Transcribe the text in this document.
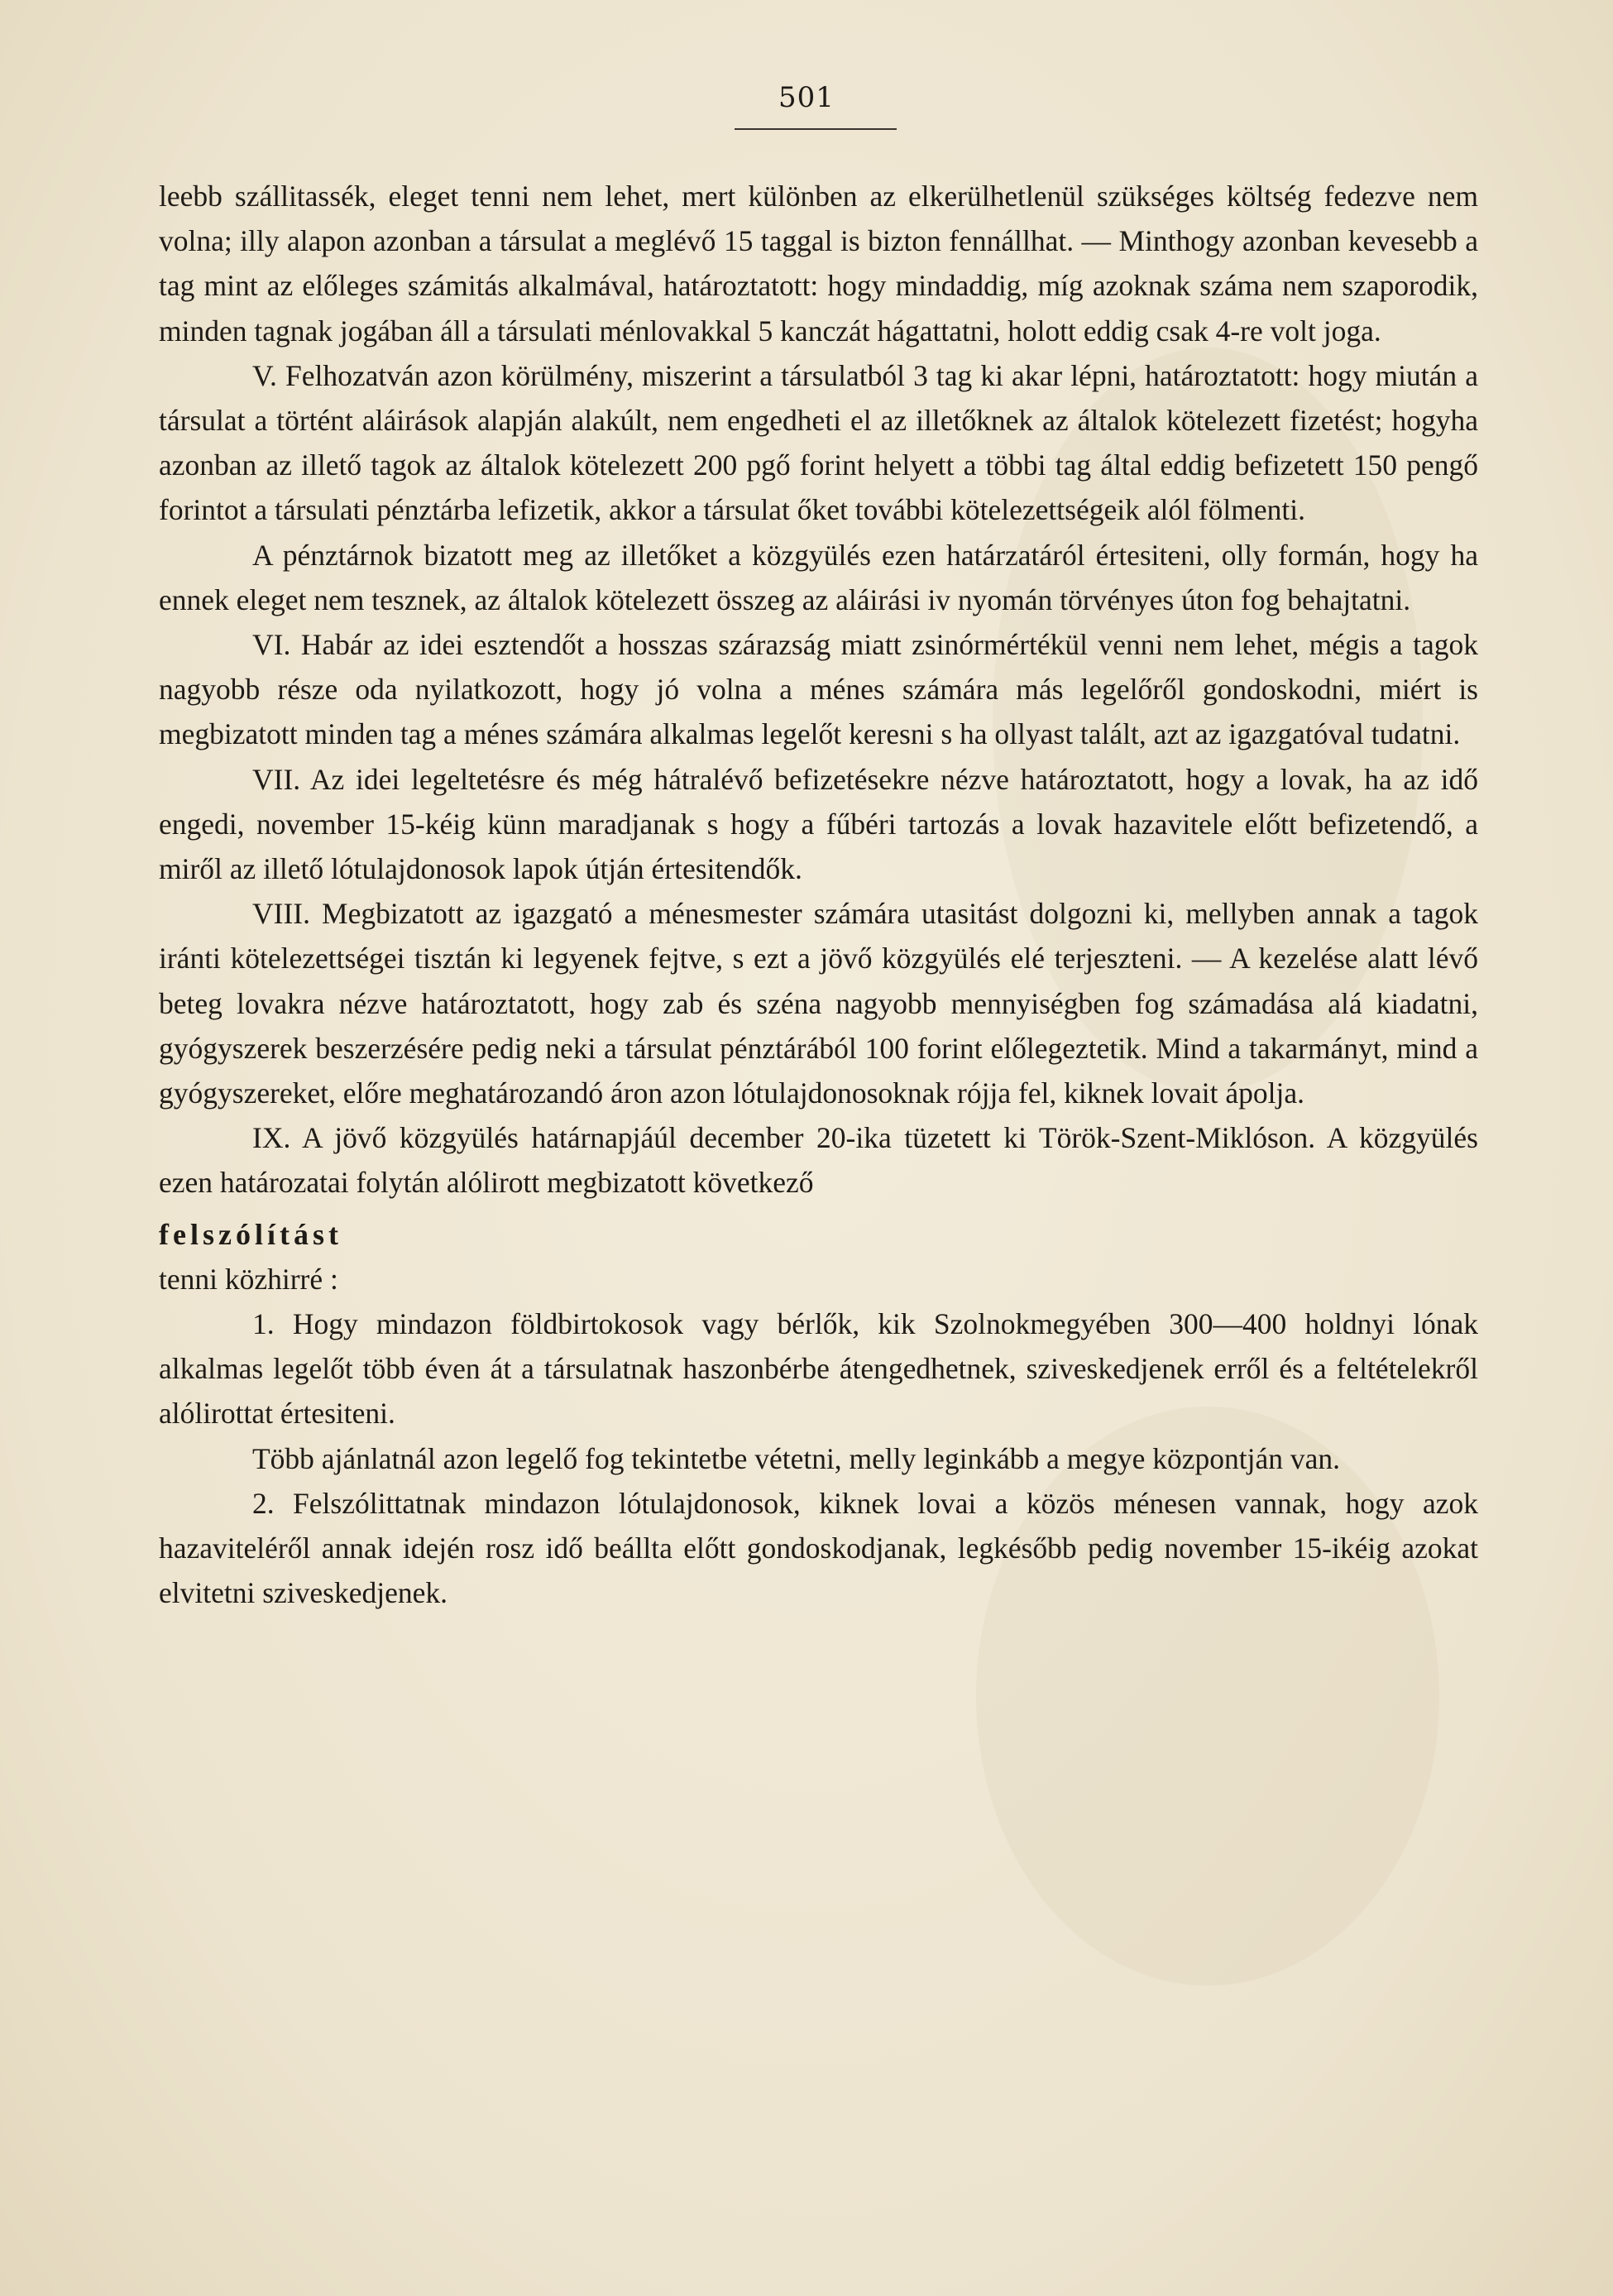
501

leebb szállitassék, eleget tenni nem lehet, mert különben az elkerülhetlenül szükséges költség fedezve nem volna; illy alapon azonban a társulat a meglévő 15 taggal is bizton fennállhat. — Minthogy azonban kevesebb a tag mint az előleges számitás alkalmával, határoztatott: hogy mindaddig, míg azoknak száma nem szaporodik, minden tagnak jogában áll a társulati ménlovakkal 5 kanczát hágattatni, holott eddig csak 4-re volt joga.

V. Felhozatván azon körülmény, miszerint a társulatból 3 tag ki akar lépni, határoztatott: hogy miután a társulat a történt aláirások alapján alakúlt, nem engedheti el az illetőknek az általok kötelezett fizetést; hogyha azonban az illető tagok az általok kötelezett 200 pgő forint helyett a többi tag által eddig befizetett 150 pengő forintot a társulati pénztárba lefizetik, akkor a társulat őket további kötelezettségeik alól fölmenti.

A pénztárnok bizatott meg az illetőket a közgyülés ezen határzatáról értesiteni, olly formán, hogy ha ennek eleget nem tesznek, az általok kötelezett összeg az aláirási iv nyomán törvényes úton fog behajtatni.

VI. Habár az idei esztendőt a hosszas szárazság miatt zsinórmértékül venni nem lehet, mégis a tagok nagyobb része oda nyilatkozott, hogy jó volna a ménes számára más legelőről gondoskodni, miért is megbizatott minden tag a ménes számára alkalmas legelőt keresni s ha ollyast talált, azt az igazgatóval tudatni.

VII. Az idei legeltetésre és még hátralévő befizetésekre nézve határoztatott, hogy a lovak, ha az idő engedi, november 15-kéig künn maradjanak s hogy a fűbéri tartozás a lovak hazavitele előtt befizetendő, a miről az illető lótulajdonosok lapok útján értesitendők.

VIII. Megbizatott az igazgató a ménesmester számára utasitást dolgozni ki, mellyben annak a tagok iránti kötelezettségei tisztán ki legyenek fejtve, s ezt a jövő közgyülés elé terjeszteni. — A kezelése alatt lévő beteg lovakra nézve határoztatott, hogy zab és széna nagyobb mennyiségben fog számadása alá kiadatni, gyógyszerek beszerzésére pedig neki a társulat pénztárából 100 forint előlegeztetik. Mind a takarmányt, mind a gyógyszereket, előre meghatározandó áron azon lótulajdonosoknak rójja fel, kiknek lovait ápolja.

IX. A jövő közgyülés határnapjáúl december 20-ika tüzetett ki Török-Szent-Miklóson. A közgyülés ezen határozatai folytán alólirott megbizatott következő

felszólítást

tenni közhirré :

1. Hogy mindazon földbirtokosok vagy bérlők, kik Szolnokmegyében 300—400 holdnyi lónak alkalmas legelőt több éven át a társulatnak haszonbérbe átengedhetnek, sziveskedjenek erről és a feltételekről alólirottat értesiteni.

Több ajánlatnál azon legelő fog tekintetbe vétetni, melly leginkább a megye központján van.

2. Felszólittatnak mindazon lótulajdonosok, kiknek lovai a közös ménesen vannak, hogy azok hazaviteléről annak idején rosz idő beállta előtt gondoskodjanak, legkésőbb pedig november 15-ikéig azokat elvitetni sziveskedjenek.
